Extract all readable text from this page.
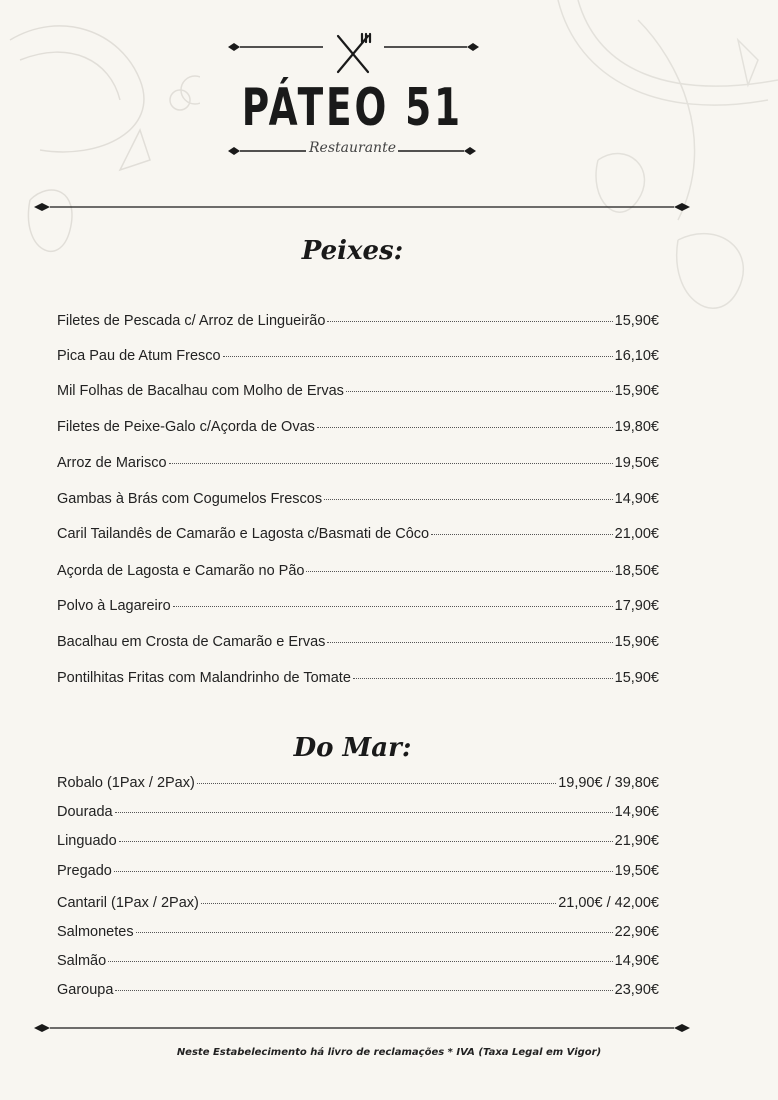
PÁTEO 51
Restaurante
Peixes:
Filetes de Pescada c/ Arroz de Lingueirão	15,90€
Pica Pau de Atum Fresco	16,10€
Mil Folhas de Bacalhau com Molho de Ervas	15,90€
Filetes de Peixe-Galo c/Açorda de Ovas	19,80€
Arroz de Marisco	19,50€
Gambas à Brás com Cogumelos Frescos	14,90€
Caril Tailandês de Camarão e Lagosta c/Basmati de Côco	21,00€
Açorda de Lagosta e Camarão no Pão	18,50€
Polvo à Lagareiro	17,90€
Bacalhau em Crosta de Camarão e Ervas	15,90€
Pontilhitas Fritas com Malandrinho de Tomate	15,90€
Do Mar:
Robalo (1Pax / 2Pax)	19,90€ / 39,80€
Dourada	14,90€
Linguado	21,90€
Pregado	19,50€
Cantaril (1Pax / 2Pax)	21,00€ / 42,00€
Salmonetes	22,90€
Salmão	14,90€
Garoupa	23,90€
Neste Estabelecimento há livro de reclamações * IVA (Taxa Legal em Vigor)
